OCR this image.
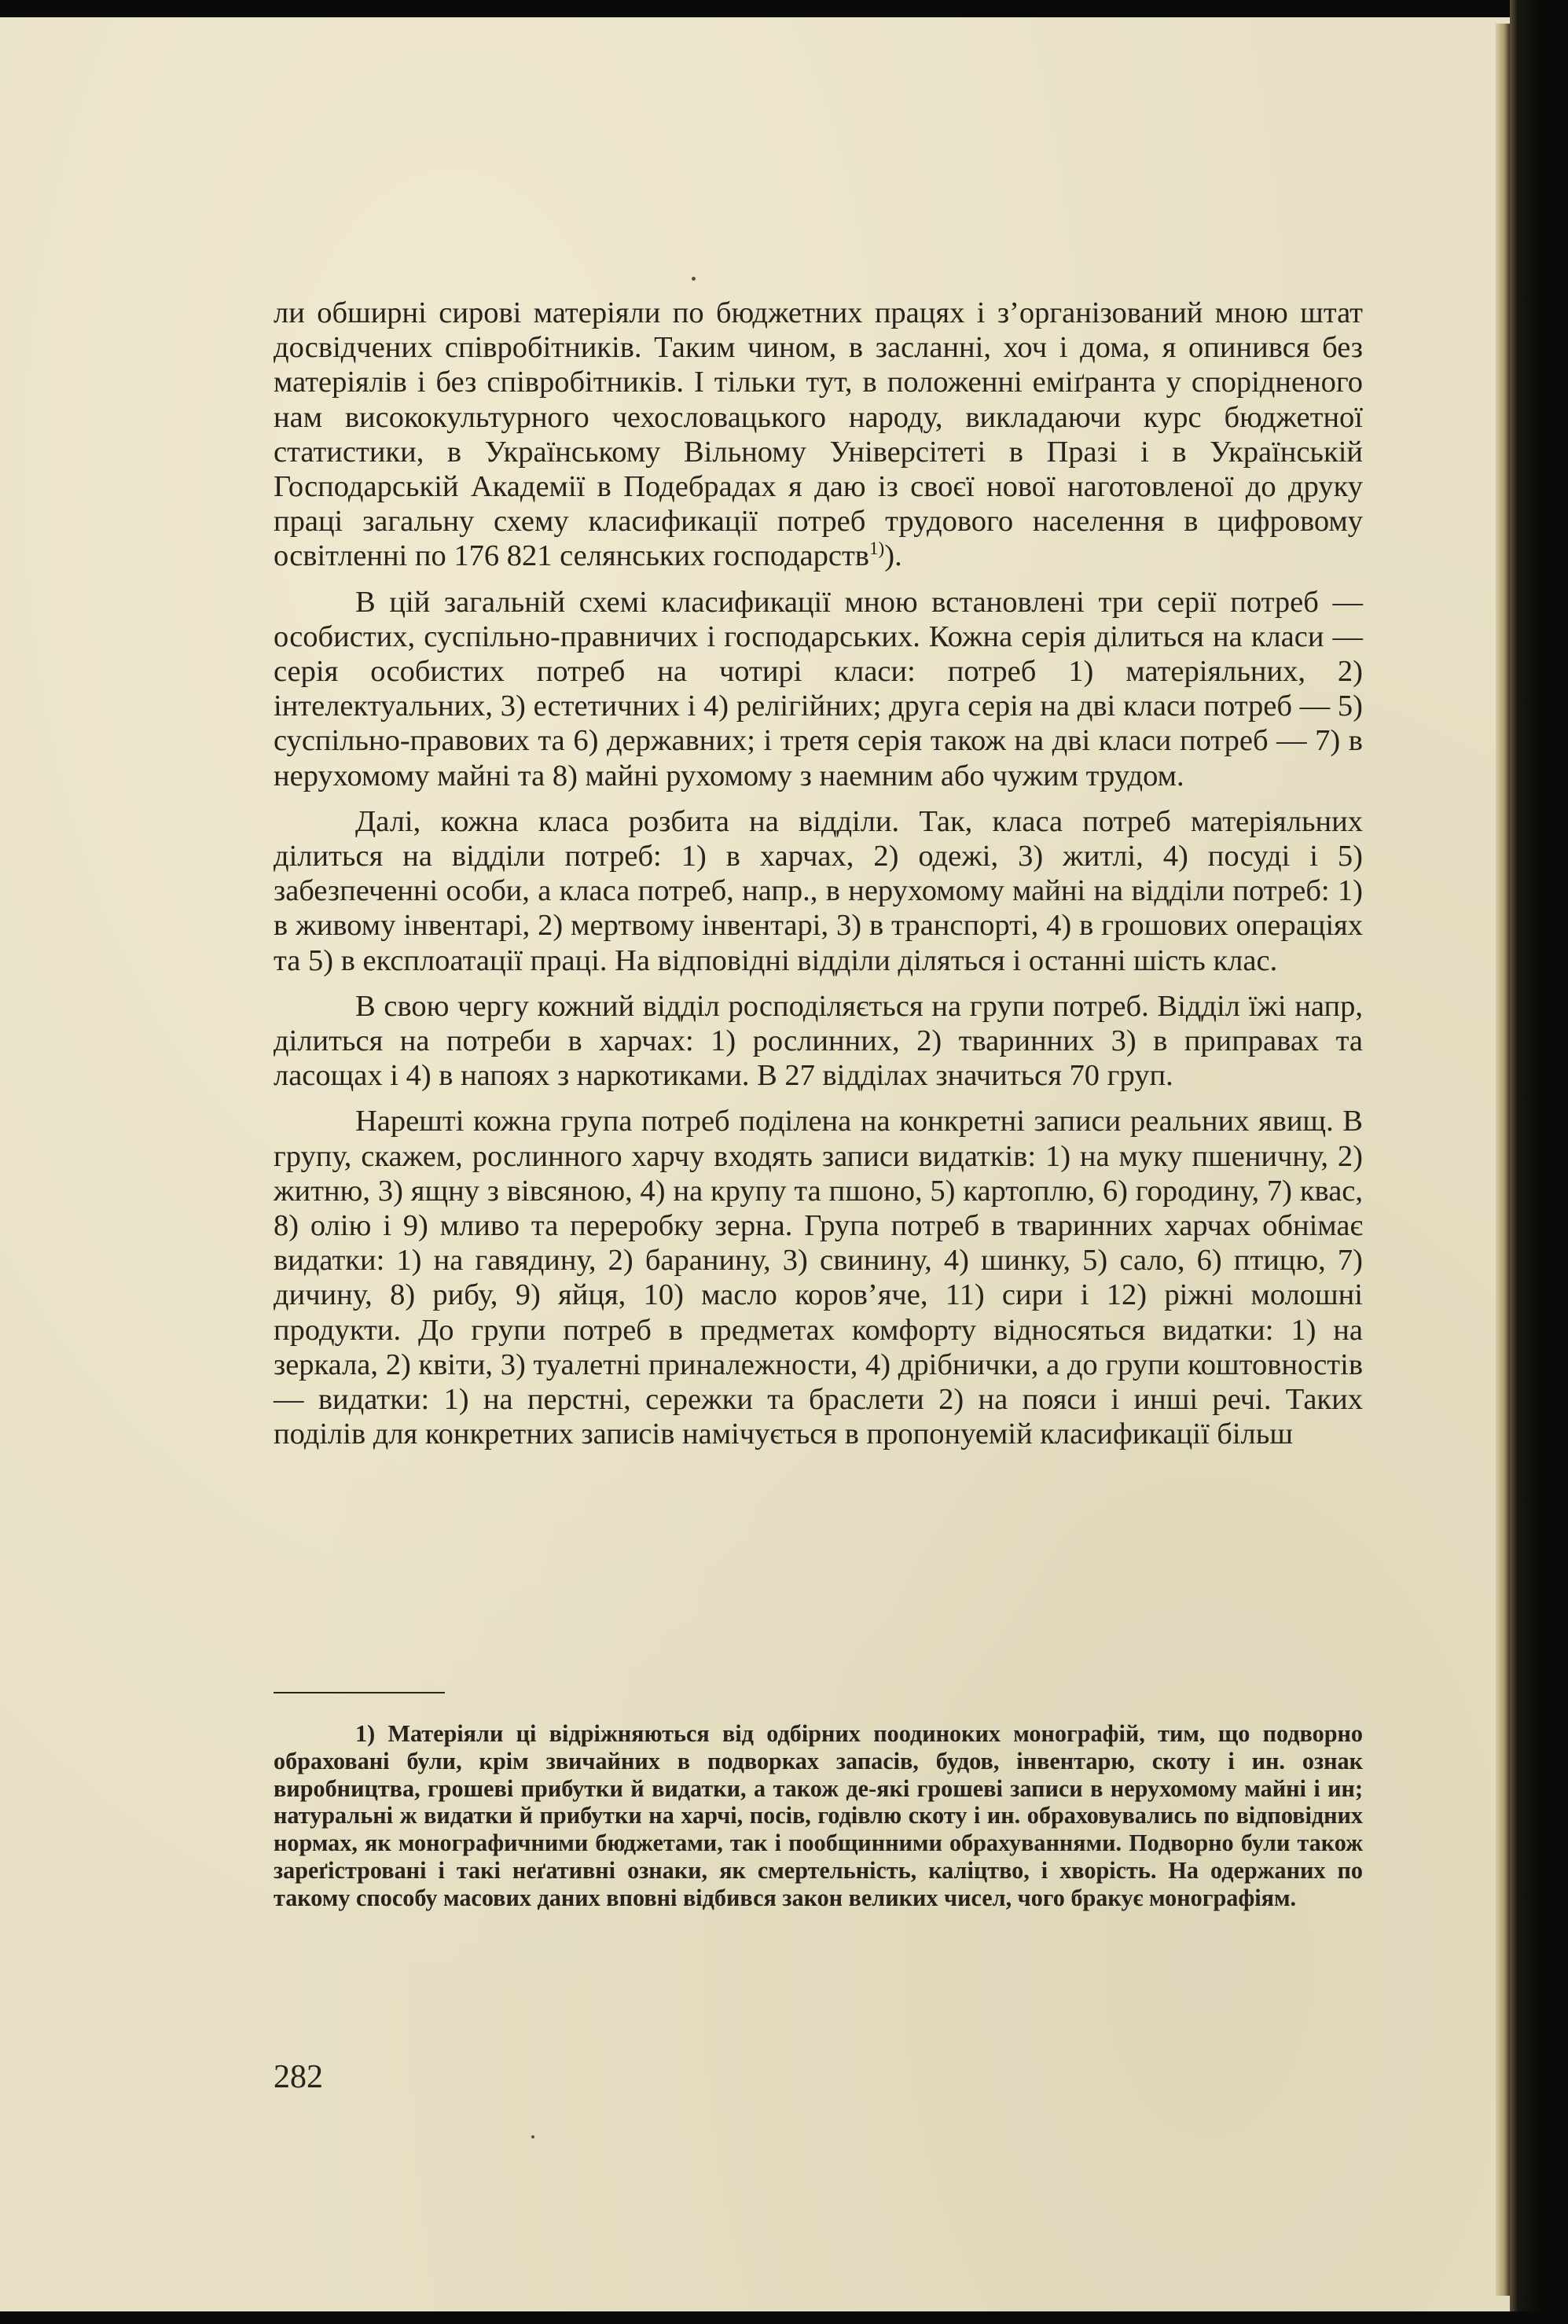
ли обширні сирові матеріяли по бюджетних працях і з’організований мною штат досвідчених співробітників. Таким чином, в засланні, хоч і дома, я опинився без матеріялів і без співробітників. І тільки тут, в положенні еміґранта у спорідненого нам висококультурного чехословацького народу, викладаючи курс бюджетної статистики, в Українському Вільному Універсітеті в Празі і в Українській Господарській Академії в Подебрадах я даю із своєї нової наготовленої до друку праці загальну схему класификації потреб трудового населення в цифровому освітленні по 176 821 селянських господарств$^{1)}$).

В цій загальній схемі класификації мною встановлені три серії потреб — особистих, суспільно-правничих і господарських. Кожна серія ділиться на класи — серія особистих потреб на чотирі класи: потреб 1) матеріяльних, 2) інтелектуальних, 3) естетичних і 4) релігійних; друга серія на дві класи потреб — 5) суспільно-правових та 6) державних; і третя серія також на дві класи потреб — 7) в нерухомому майні та 8) майні рухомому з наемним або чужим трудом.

Далі, кожна класа розбита на відділи. Так, класа потреб матеріяльних ділиться на відділи потреб: 1) в харчах, 2) одежі, 3) житлі, 4) посуді і 5) забезпеченні особи, а класа потреб, напр., в нерухомому майні на відділи потреб: 1) в живому інвентарі, 2) мертвому інвентарі, 3) в транспорті, 4) в грошових операціях та 5) в експлоатації праці. На відповідні відділи діляться і останні шість клас.

В свою чергу кожний відділ росподіляється на групи потреб. Відділ їжі напр, ділиться на потреби в харчах: 1) рослинних, 2) тваринних 3) в приправах та ласощах і 4) в напоях з наркотиками. В 27 відділах значиться 70 груп.

Нарешті кожна група потреб поділена на конкретні записи реальних явищ. В групу, скажем, рослинного харчу входять записи видатків: 1) на муку пшеничну, 2) житню, 3) ящну з вівсяною, 4) на крупу та пшоно, 5) картоплю, 6) городину, 7) квас, 8) олію і 9) мливо та переробку зерна. Група потреб в тваринних харчах обнімає видатки: 1) на гавядину, 2) баранину, 3) свинину, 4) шинку, 5) сало, 6) птицю, 7) дичину, 8) рибу, 9) яйця, 10) масло коров’яче, 11) сири і 12) ріжні молошні продукти. До групи потреб в предметах комфорту відносяться видатки: 1) на зеркала, 2) квіти, 3) туалетні приналежности, 4) дрібнички, а до групи коштовностів — видатки: 1) на перстні, сережки та браслети 2) на пояси і инші речі. Таких поділів для конкретних записів намічується в пропонуемій класификації більш

1) Матеріяли ці відріжняються від одбірних поодиноких монографій, тим, що подворно обраховані були, крім звичайних в подворках запасів, будов, інвентарю, скоту і ин. ознак виробництва, грошеві прибутки й видатки, а також де-які грошеві записи в нерухомому майні і ин; натуральні ж видатки й прибутки на харчі, посів, годівлю скоту і ин. обраховувались по відповідних нормах, як монографичними бюджетами, так і пообщинними обрахуваннями. Подворно були також зареґістровані і такі неґативні ознаки, як смертельність, каліцтво, і хворість. На одержаних по такому способу масових даних вповні відбився закон великих чисел, чого бракує монографіям.
282
